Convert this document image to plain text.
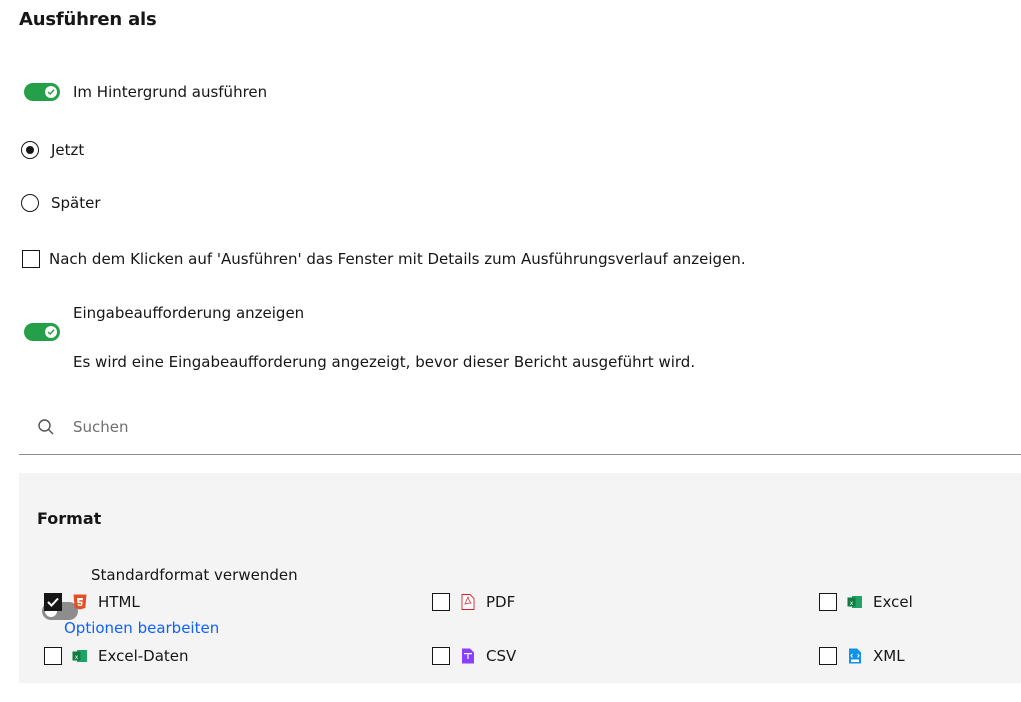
Ausführen als
Im Hintergrund ausführen
Jetzt
Später
Nach dem Klicken auf 'Ausführen' das Fenster mit Details zum Ausführungsverlauf anzeigen.
Eingabeaufforderung anzeigen
Es wird eine Eingabeaufforderung angezeigt, bevor dieser Bericht ausgeführt wird.
Suchen
Format
Standardformat verwenden
HTML	PDF	x Excel
Optionen bearbeiten
x Excel-Daten	CSV	XML
